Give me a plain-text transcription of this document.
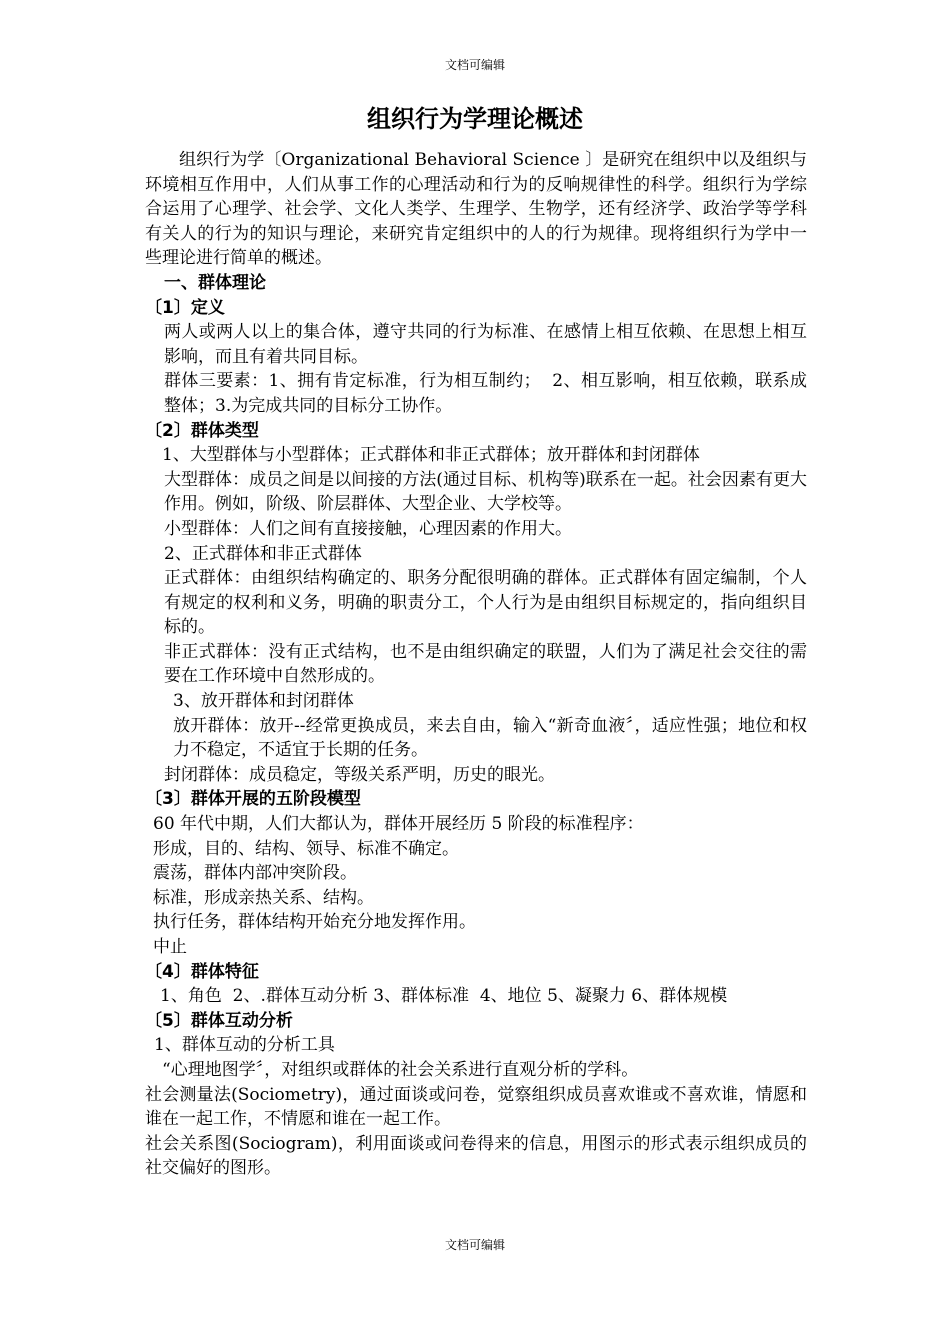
文档可编辑
组织行为学理论概述

组织行为学〔Organizational Behavioral Science 〕是研究在组织中以及组织与环境相互作用中，人们从事工作的心理活动和行为的反响规律性的科学。组织行为学综合运用了心理学、社会学、文化人类学、生理学、生物学，还有经济学、政治学等学科有关人的行为的知识与理论，来研究肯定组织中的人的行为规律。现将组织行为学中一些理论进行简单的概述。

一、群体理论

〔1〕定义

两人或两人以上的集合体，遵守共同的行为标准、在感情上相互依赖、在思想上相互影响，而且有着共同目标。

群体三要素：1、拥有肯定标准，行为相互制约；  2、相互影响，相互依赖，联系成整体；3.为完成共同的目标分工协作。

〔2〕群体类型

1、大型群体与小型群体；正式群体和非正式群体；放开群体和封闭群体

大型群体：成员之间是以间接的方法(通过目标、机构等)联系在一起。社会因素有更大作用。例如，阶级、阶层群体、大型企业、大学校等。

小型群体：人们之间有直接接触，心理因素的作用大。

2、正式群体和非正式群体

正式群体：由组织结构确定的、职务分配很明确的群体。正式群体有固定编制，个人有规定的权利和义务，明确的职责分工，个人行为是由组织目标规定的，指向组织目标的。

非正式群体：没有正式结构，也不是由组织确定的联盟，人们为了满足社会交往的需要在工作环境中自然形成的。

3、放开群体和封闭群体

放开群体：放开--经常更换成员，来去自由，输入“新奇血液〞，适应性强；地位和权力不稳定，不适宜于长期的任务。

封闭群体：成员稳定，等级关系严明，历史的眼光。

〔3〕群体开展的五阶段模型

60 年代中期，人们大都认为，群体开展经历 5 阶段的标准程序：

形成，目的、结构、领导、标准不确定。

震荡，群体内部冲突阶段。

标准，形成亲热关系、结构。

执行任务，群体结构开始充分地发挥作用。

中止

〔4〕群体特征

1、角色  2、.群体互动分析 3、群体标准  4、地位 5、凝聚力 6、群体规模

〔5〕群体互动分析

1、群体互动的分析工具

“心理地图学〞，对组织或群体的社会关系进行直观分析的学科。

社会测量法(Sociometry)，通过面谈或问卷，觉察组织成员喜欢谁或不喜欢谁，情愿和谁在一起工作，不情愿和谁在一起工作。

社会关系图(Sociogram)，利用面谈或问卷得来的信息，用图示的形式表示组织成员的社交偏好的图形。

文档可编辑
